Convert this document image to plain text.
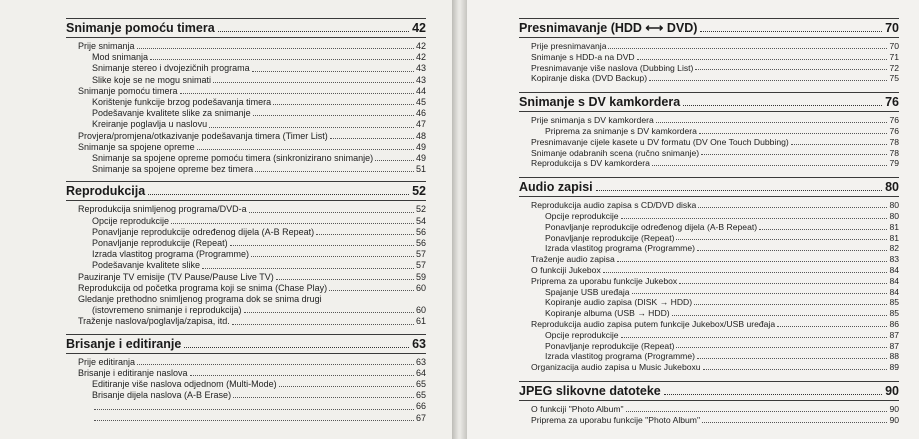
Snimanje pomoću timera	42
Prije snimanja	42
Mod snimanja	42
Snimanje stereo i dvojezičnih programa	43
Slike koje se ne mogu snimati	43
Snimanje pomoću timera	44
Korištenje funkcije brzog podešavanja timera	45
Podešavanje kvalitete slike za snimanje	46
Kreiranje poglavlja u naslovu	47
Provjera/promjena/otkazivanje podešavanja timera (Timer List)	48
Snimanje sa spojene opreme	49
Snimanje sa spojene opreme pomoću timera (sinkronizirano snimanje)	49
Snimanje sa spojene opreme bez timera	51
Reprodukcija	52
Reprodukcija snimljenog programa/DVD-a	52
Opcije reprodukcije	54
Ponavljanje reprodukcije određenog dijela (A-B Repeat)	56
Ponavljanje reprodukcije (Repeat)	56
Izrada vlastitog programa (Programme)	57
Podešavanje kvalitete slike	57
Pauziranje TV emisije (TV Pause/Pause Live TV)	59
Reprodukcija od početka programa koji se snima (Chase Play)	60
Gledanje prethodno snimljenog programa dok se snima drugi
(istovremeno snimanje i reprodukcija)	60
Traženje naslova/poglavlja/zapisa, itd.	61
Brisanje i editiranje	63
Prije editiranja	63
Brisanje i editiranje naslova	64
Editiranje više naslova odjednom (Multi-Mode)	65
Brisanje dijela naslova (A-B Erase)	65
66
67
Presnimavanje (HDD ⟷ DVD)	70
Prije presnimavanja	70
Snimanje s HDD-a na DVD	71
Presnimavanje više naslova (Dubbing List)	72
Kopiranje diska (DVD Backup)	75
Snimanje s DV kamkordera	76
Prije snimanja s DV kamkordera	76
Priprema za snimanje s DV kamkordera	76
Presnimavanje cijele kasete u DV formatu (DV One Touch Dubbing)	78
Snimanje odabranih scena (ručno snimanje)	78
Reprodukcija s DV kamkordera	79
Audio zapisi	80
Reprodukcija audio zapisa s CD/DVD diska	80
Opcije reprodukcije	80
Ponavljanje reprodukcije određenog dijela (A-B Repeat)	81
Ponavljanje reprodukcije (Repeat)	81
Izrada vlastitog programa (Programme)	82
Traženje audio zapisa	83
O funkciji Jukebox	84
Priprema za uporabu funkcije Jukebox	84
Spajanje USB uređaja	84
Kopiranje audio zapisa (DISK → HDD)	85
Kopiranje albuma (USB → HDD)	85
Reprodukcija audio zapisa putem funkcije Jukebox/USB uređaja	86
Opcije reprodukcije	87
Ponavljanje reprodukcije (Repeat)	87
Izrada vlastitog programa (Programme)	88
Organizacija audio zapisa u Music Jukeboxu	89
JPEG slikovne datoteke	90
O funkciji "Photo Album"	90
Priprema za uporabu funkcije "Photo Album"	90
